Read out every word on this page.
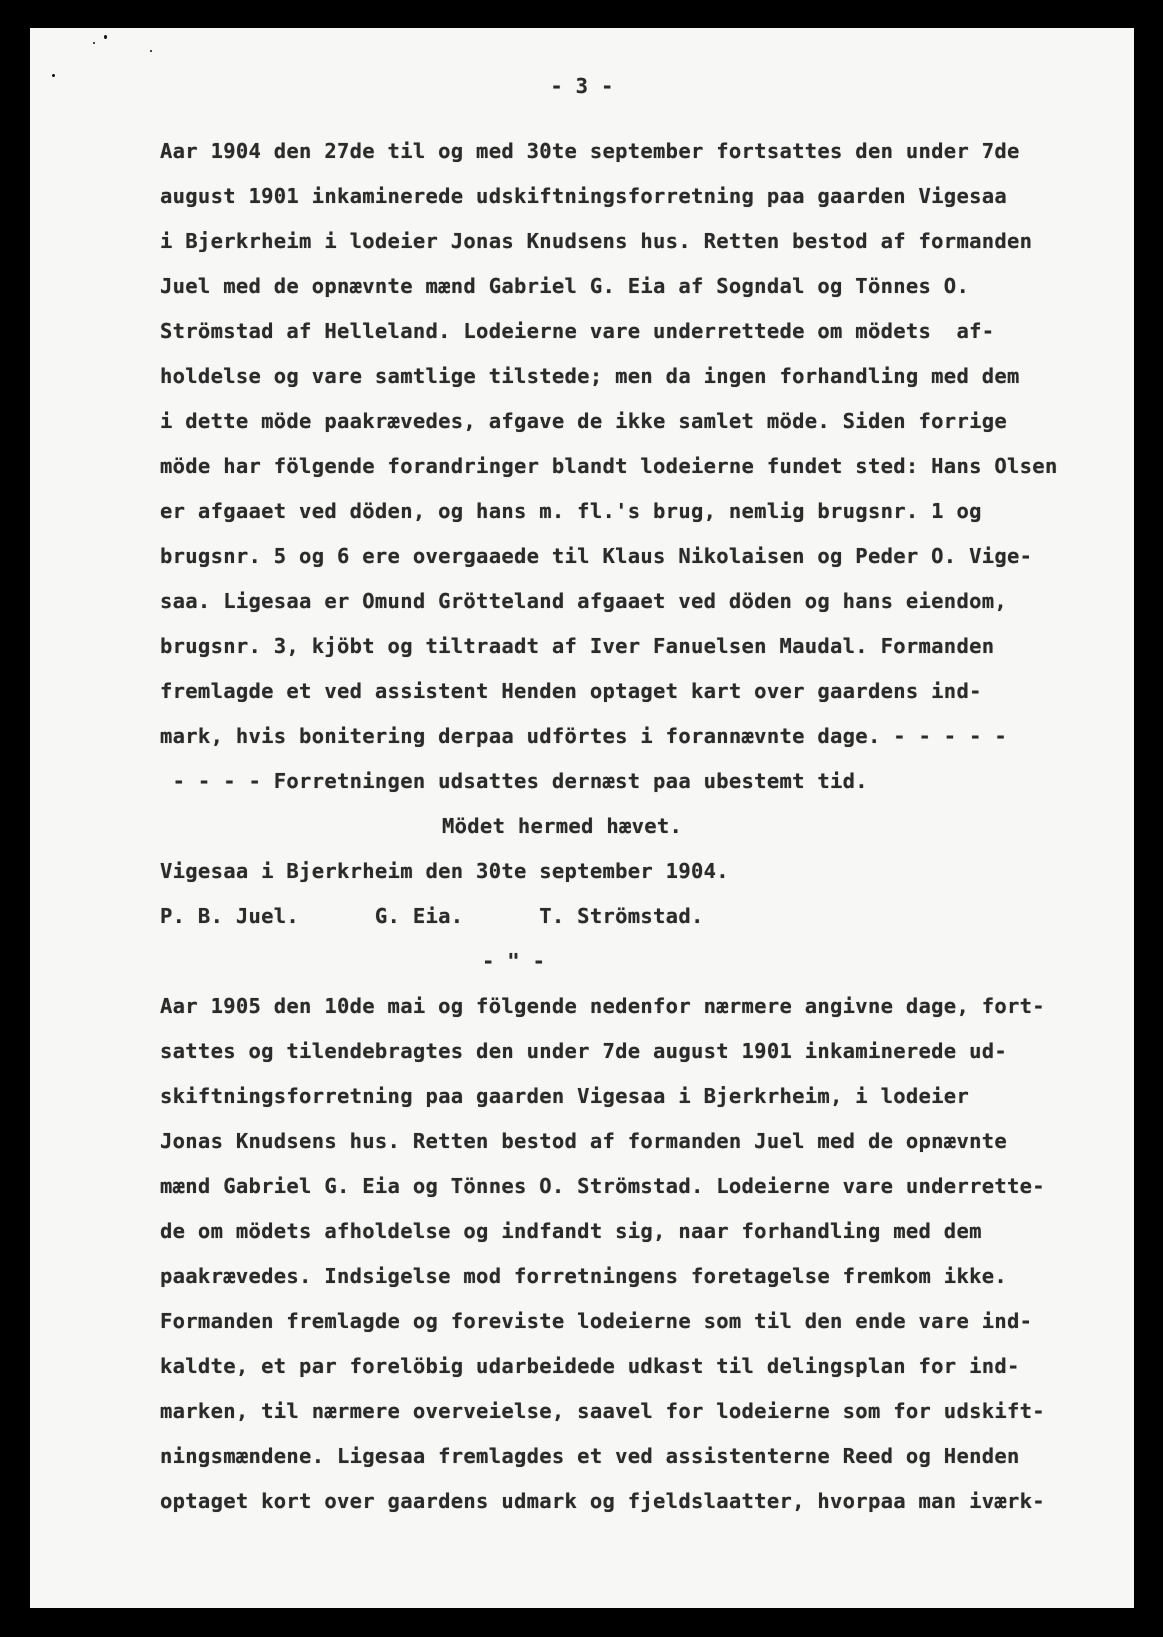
- 3 -

Aar 1904 den 27de til og med 30te september fortsattes den under 7de

august 1901 inkaminerede udskiftningsforretning paa gaarden Vigesaa

i Bjerkrheim i lodeier Jonas Knudsens hus. Retten bestod af formanden

Juel med de opnævnte mænd Gabriel G. Eia af Sogndal og Tönnes O.

Strömstad af Helleland. Lodeierne vare underrettede om mödets  af-

holdelse og vare samtlige tilstede; men da ingen forhandling med dem

i dette möde paakrævedes, afgave de ikke samlet möde. Siden forrige

möde har fölgende forandringer blandt lodeierne fundet sted: Hans Olsen

er afgaaet ved döden, og hans m. fl.'s brug, nemlig brugsnr. 1 og

brugsnr. 5 og 6 ere overgaaede til Klaus Nikolaisen og Peder O. Vige-

saa. Ligesaa er Omund Grötteland afgaaet ved döden og hans eiendom,

brugsnr. 3, kjöbt og tiltraadt af Iver Fanuelsen Maudal. Formanden

fremlagde et ved assistent Henden optaget kart over gaardens ind-

mark, hvis bonitering derpaa udförtes i forannævnte dage. - - - - -

- - - - Forretningen udsattes dernæst paa ubestemt tid.

Mödet hermed hævet.

Vigesaa i Bjerkrheim den 30te september 1904.

P. B. Juel.      G. Eia.      T. Strömstad.

- " -

Aar 1905 den 10de mai og fölgende nedenfor nærmere angivne dage, fort-

sattes og tilendebragtes den under 7de august 1901 inkaminerede ud-

skiftningsforretning paa gaarden Vigesaa i Bjerkrheim, i lodeier

Jonas Knudsens hus. Retten bestod af formanden Juel med de opnævnte

mænd Gabriel G. Eia og Tönnes O. Strömstad. Lodeierne vare underrette-

de om mödets afholdelse og indfandt sig, naar forhandling med dem

paakrævedes. Indsigelse mod forretningens foretagelse fremkom ikke.

Formanden fremlagde og foreviste lodeierne som til den ende vare ind-

kaldte, et par forelöbig udarbeidede udkast til delingsplan for ind-

marken, til nærmere overveielse, saavel for lodeierne som for udskift-

ningsmændene. Ligesaa fremlagdes et ved assistenterne Reed og Henden

optaget kort over gaardens udmark og fjeldslaatter, hvorpaa man iværk-
